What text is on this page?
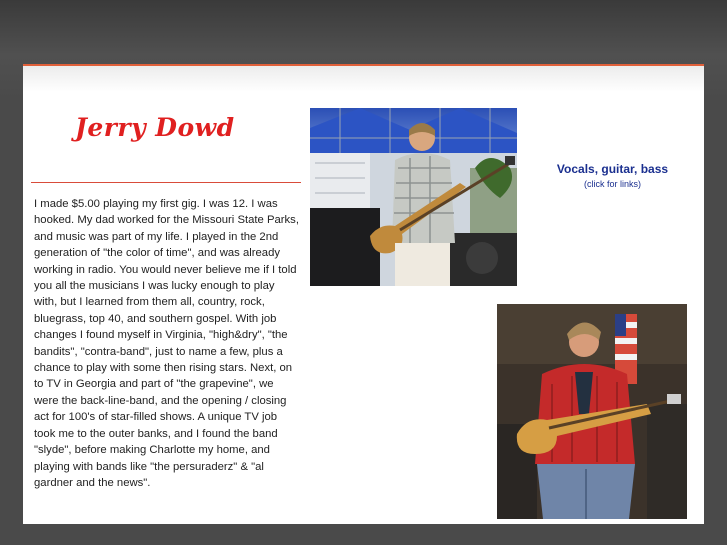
Jerry Dowd

I made $5.00 playing my first gig. I was 12. I was hooked. My dad worked for the Missouri State Parks, and music was part of my life. I played in the 2nd generation of "the color of time", and was already working in radio. You would never believe me if I told you all the musicians I was lucky enough to play with, but I learned from them all, country, rock, bluegrass, top 40, and southern gospel. With job changes I found myself in Virginia, "high&dry", "the bandits", "contra-band", just to name a few, plus a chance to play with some then rising stars. Next, on to TV in Georgia and part of "the grapevine", we were the back-line-band, and the opening / closing act for 100's of star-filled shows. A unique TV job took me to the outer banks, and I found the band "slyde", before making Charlotte my home, and playing with bands like "the persuraderz" & "al gardner and the news".

Vocals, guitar, bass
(click for links)
